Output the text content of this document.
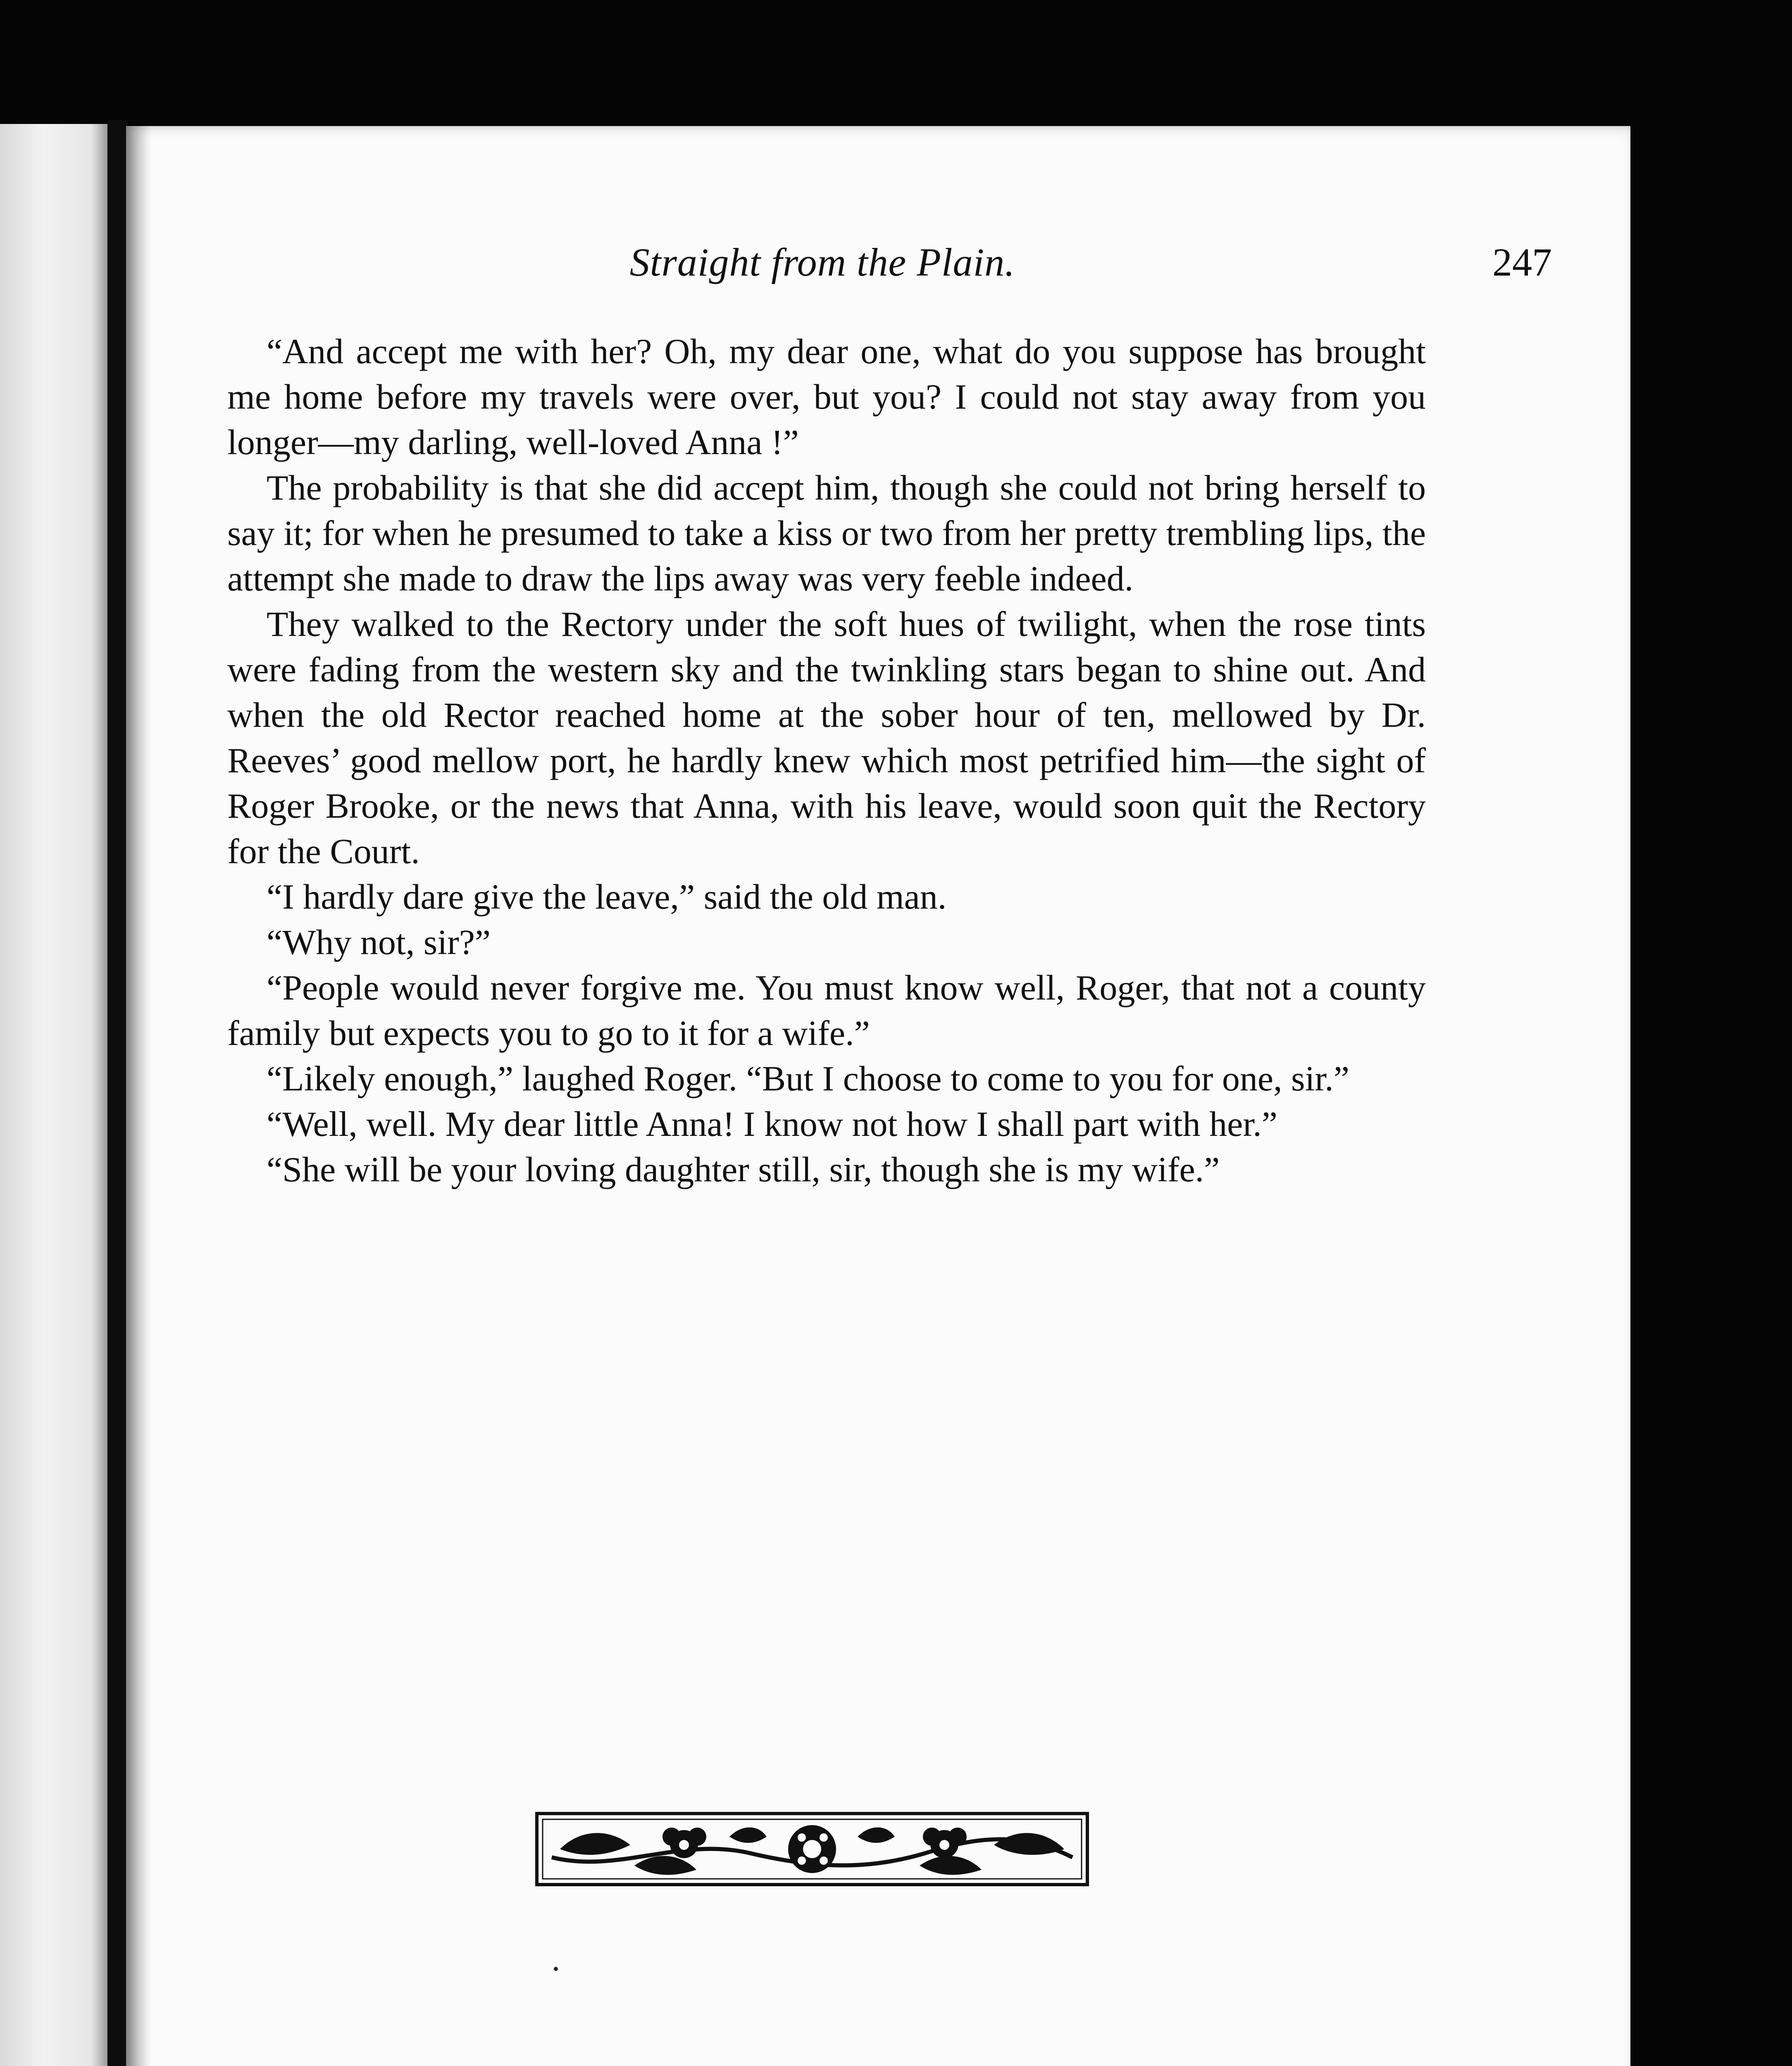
Straight from the Plain.	247

“And accept me with her? Oh, my dear one, what do you suppose has brought me home before my travels were over, but you? I could not stay away from you longer—my darling, well-loved Anna !”

The probability is that she did accept him, though she could not bring herself to say it; for when he presumed to take a kiss or two from her pretty trembling lips, the attempt she made to draw the lips away was very feeble indeed.

They walked to the Rectory under the soft hues of twilight, when the rose tints were fading from the western sky and the twinkling stars began to shine out. And when the old Rector reached home at the sober hour of ten, mellowed by Dr. Reeves’ good mellow port, he hardly knew which most petrified him—the sight of Roger Brooke, or the news that Anna, with his leave, would soon quit the Rectory for the Court.

“I hardly dare give the leave,” said the old man.

“Why not, sir?”

“People would never forgive me. You must know well, Roger, that not a county family but expects you to go to it for a wife.”

“Likely enough,” laughed Roger. “But I choose to come to you for one, sir.”

“Well, well. My dear little Anna! I know not how I shall part with her.”

“She will be your loving daughter still, sir, though she is my wife.”
